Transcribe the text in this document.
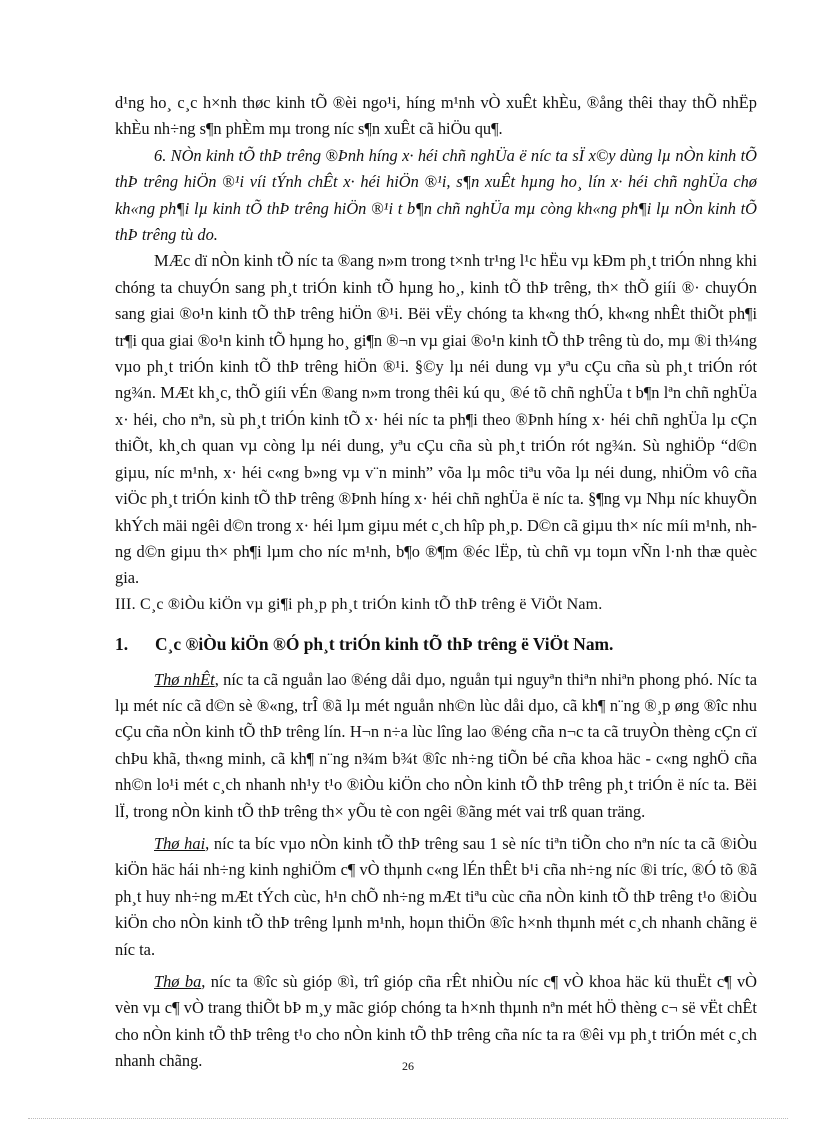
d¹ng ho¸ c¸c h×nh thøc kinh tÕ ®èi ngo¹i, híng m¹nh vÒ xuÊt khÈu, ®ång thêi thay thÕ nhËp khÈu nh÷ng s¶n phÈm mµ trong níc s¶n xuÊt cã hiÖu qu¶.

6. NÒn kinh tÕ thÞ trêng ®Þnh híng x· héi chñ nghÜa ë níc ta sÏ x©y dùng lµ nÒn kinh tÕ thÞ trêng hiÖn ®¹i víi tÝnh chÊt x· héi hiÖn ®¹i, s¶n xuÊt hµng ho¸ lín x· héi chñ nghÜa chø kh«ng ph¶i lµ kinh tÕ thÞ trêng hiÖn ®¹i t b¶n chñ nghÜa mµ còng kh«ng ph¶i lµ nÒn kinh tÕ thÞ trêng tù do.

MÆc dï nÒn kinh tÕ níc ta ®ang n»m trong t×nh tr¹ng l¹c hËu vµ kÐm ph¸t triÓn nhng khi chóng ta chuyÓn sang ph¸t triÓn kinh tÕ hµng ho¸, kinh tÕ thÞ trêng, th× thÕ giíi ®· chuyÓn sang giai ®o¹n kinh tÕ thÞ trêng hiÖn ®¹i. Bëi vËy chóng ta kh«ng thÓ, kh«ng nhÊt thiÕt ph¶i tr¶i qua giai ®o¹n kinh tÕ hµng ho¸ gi¶n ®¬n vµ giai ®o¹n kinh tÕ thÞ trêng tù do, mµ ®i th¼ng vµo ph¸t triÓn kinh tÕ thÞ trêng hiÖn ®¹i. §©y lµ néi dung vµ yªu cÇu cña sù ph¸t triÓn rót ng¾n. MÆt kh¸c, thÕ giíi vÉn ®ang n»m trong thêi kú qu¸ ®é tõ chñ nghÜa t b¶n lªn chñ nghÜa x· héi, cho nªn, sù ph¸t triÓn kinh tÕ x· héi níc ta ph¶i theo ®Þnh híng x· héi chñ nghÜa lµ cÇn thiÕt, kh¸ch quan vµ còng lµ néi dung, yªu cÇu cña sù ph¸t triÓn rót ng¾n. Sù nghiÖp “d©n giµu, níc m¹nh, x· héi c«ng b»ng vµ v¨n minh” võa lµ môc tiªu võa lµ néi dung, nhiÖm vô cña viÖc ph¸t triÓn kinh tÕ thÞ trêng ®Þnh híng x· héi chñ nghÜa ë níc ta. §¶ng vµ Nhµ níc khuyÕn khÝch mäi ngêi d©n trong x· héi lµm giµu mét c¸ch hîp ph¸p. D©n cã giµu th× níc míi m¹nh, nhng d©n giµu th× ph¶i lµm cho níc m¹nh, b¶o ®¶m ®éc lËp, tù chñ vµ toµn vÑn l·nh thæ quèc gia.

III. C¸c ®iÒu kiÖn vµ gi¶i ph¸p ph¸t triÓn kinh tÕ thÞ trêng ë ViÖt Nam.

1.	C¸c ®iÒu kiÖn ®Ó ph¸t triÓn kinh tÕ thÞ trêng ë ViÖt Nam.

Thø nhÊt, níc ta cã nguån lao ®éng dåi dµo, nguån tµi nguyªn thiªn nhiªn phong phó. Níc ta lµ mét níc cã d©n sè ®«ng, trÎ ®ã lµ mét nguån nh©n lùc dåi dµo, cã kh¶ n¨ng ®¸p øng ®îc nhu cÇu cña nÒn kinh tÕ thÞ trêng lín. H¬n n÷a lùc lîng lao ®éng cña n¬c ta cã truyÒn thèng cÇn cï chÞu khã, th«ng minh, cã kh¶ n¨ng n¾m b¾t ®îc nh÷ng tiÕn bé cña khoa häc - c«ng nghÖ cña nh©n lo¹i mét c¸ch nhanh nh¹y t¹o ®iÒu kiÖn cho nÒn kinh tÕ thÞ trêng ph¸t triÓn ë níc ta. Bëi lÏ, trong nÒn kinh tÕ thÞ trêng th× yÕu tè con ngêi ®ãng mét vai trß quan träng.

Thø hai, níc ta bíc vµo nÒn kinh tÕ thÞ trêng sau 1 sè níc tiªn tiÕn cho nªn níc ta cã ®iÒu kiÖn häc hái nh÷ng kinh nghiÖm c¶ vÒ thµnh c«ng lÉn thÊt b¹i cña nh÷ng níc ®i tríc, ®Ó tõ ®ã ph¸t huy nh÷ng mÆt tÝch cùc, h¹n chÕ nh÷ng mÆt tiªu cùc cña nÒn kinh tÕ thÞ trêng t¹o ®iÒu kiÖn cho nÒn kinh tÕ thÞ trêng lµnh m¹nh, hoµn thiÖn ®îc h×nh thµnh mét c¸ch nhanh chãng ë níc ta.

Thø ba, níc ta ®îc sù gióp ®ì, trî gióp cña rÊt nhiÒu níc c¶ vÒ khoa häc kü thuËt c¶ vÒ vèn vµ c¶ vÒ trang thiÕt bÞ m¸y mãc gióp chóng ta h×nh thµnh nªn mét hÖ thèng c¬ së vËt chÊt cho nÒn kinh tÕ thÞ trêng t¹o cho nÒn kinh tÕ thÞ trêng cña níc ta ra ®êi vµ ph¸t triÓn mét c¸ch nhanh chãng.	26
